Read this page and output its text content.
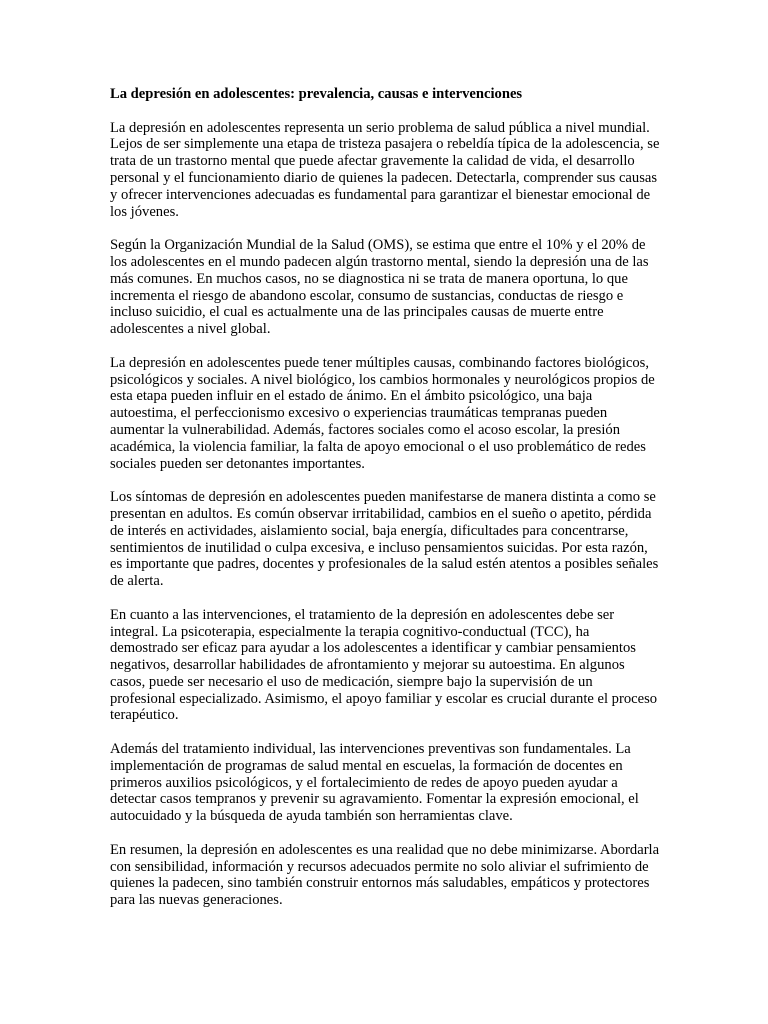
La depresión en adolescentes: prevalencia, causas e intervenciones

La depresión en adolescentes representa un serio problema de salud pública a nivel mundial. Lejos de ser simplemente una etapa de tristeza pasajera o rebeldía típica de la adolescencia, se trata de un trastorno mental que puede afectar gravemente la calidad de vida, el desarrollo personal y el funcionamiento diario de quienes la padecen. Detectarla, comprender sus causas y ofrecer intervenciones adecuadas es fundamental para garantizar el bienestar emocional de los jóvenes.

Según la Organización Mundial de la Salud (OMS), se estima que entre el 10% y el 20% de los adolescentes en el mundo padecen algún trastorno mental, siendo la depresión una de las más comunes. En muchos casos, no se diagnostica ni se trata de manera oportuna, lo que incrementa el riesgo de abandono escolar, consumo de sustancias, conductas de riesgo e incluso suicidio, el cual es actualmente una de las principales causas de muerte entre adolescentes a nivel global.

La depresión en adolescentes puede tener múltiples causas, combinando factores biológicos, psicológicos y sociales. A nivel biológico, los cambios hormonales y neurológicos propios de esta etapa pueden influir en el estado de ánimo. En el ámbito psicológico, una baja autoestima, el perfeccionismo excesivo o experiencias traumáticas tempranas pueden aumentar la vulnerabilidad. Además, factores sociales como el acoso escolar, la presión académica, la violencia familiar, la falta de apoyo emocional o el uso problemático de redes sociales pueden ser detonantes importantes.

Los síntomas de depresión en adolescentes pueden manifestarse de manera distinta a como se presentan en adultos. Es común observar irritabilidad, cambios en el sueño o apetito, pérdida de interés en actividades, aislamiento social, baja energía, dificultades para concentrarse, sentimientos de inutilidad o culpa excesiva, e incluso pensamientos suicidas. Por esta razón, es importante que padres, docentes y profesionales de la salud estén atentos a posibles señales de alerta.

En cuanto a las intervenciones, el tratamiento de la depresión en adolescentes debe ser integral. La psicoterapia, especialmente la terapia cognitivo-conductual (TCC), ha demostrado ser eficaz para ayudar a los adolescentes a identificar y cambiar pensamientos negativos, desarrollar habilidades de afrontamiento y mejorar su autoestima. En algunos casos, puede ser necesario el uso de medicación, siempre bajo la supervisión de un profesional especializado. Asimismo, el apoyo familiar y escolar es crucial durante el proceso terapéutico.

Además del tratamiento individual, las intervenciones preventivas son fundamentales. La implementación de programas de salud mental en escuelas, la formación de docentes en primeros auxilios psicológicos, y el fortalecimiento de redes de apoyo pueden ayudar a detectar casos tempranos y prevenir su agravamiento. Fomentar la expresión emocional, el autocuidado y la búsqueda de ayuda también son herramientas clave.

En resumen, la depresión en adolescentes es una realidad que no debe minimizarse. Abordarla con sensibilidad, información y recursos adecuados permite no solo aliviar el sufrimiento de quienes la padecen, sino también construir entornos más saludables, empáticos y protectores para las nuevas generaciones.
